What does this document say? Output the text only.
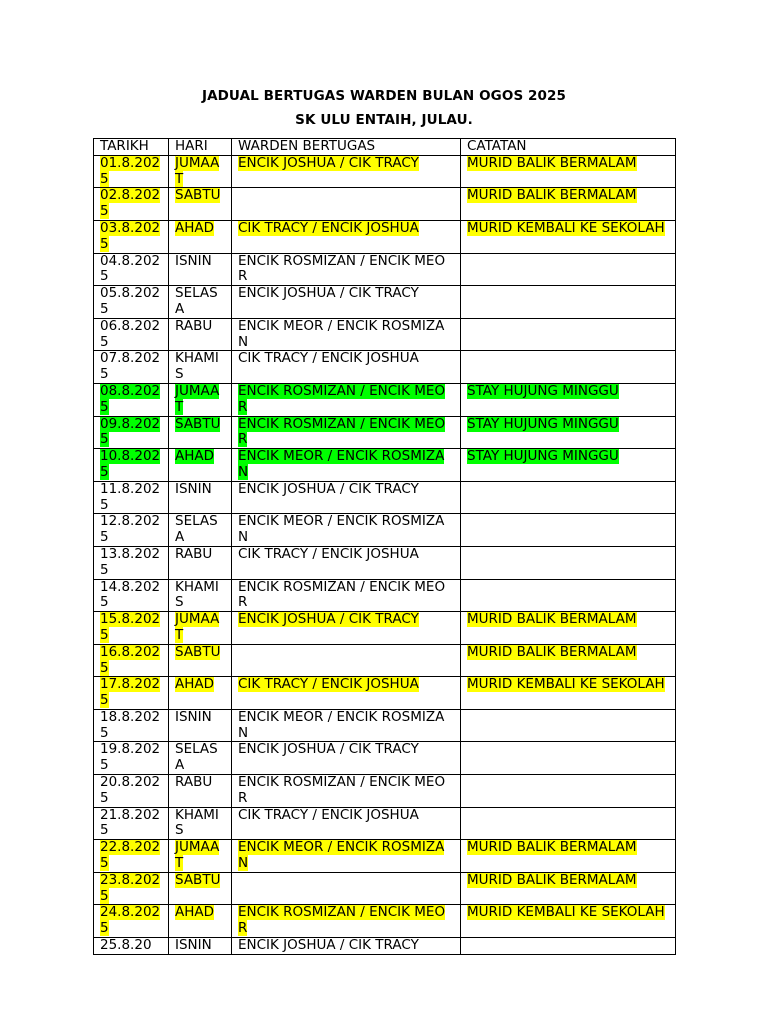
JADUAL BERTUGAS WARDEN BULAN OGOS 2025
SK ULU ENTAIH, JULAU.
TARIKH	HARI	WARDEN BERTUGAS	CATATAN
01.8.2025	JUMAAT	ENCIK JOSHUA / CIK TRACY	MURID BALIK BERMALAM
02.8.2025	SABTU		MURID BALIK BERMALAM
03.8.2025	AHAD	CIK TRACY / ENCIK JOSHUA	MURID KEMBALI KE SEKOLAH
04.8.2025	ISNIN	ENCIK ROSMIZAN / ENCIK MEOR	
05.8.2025	SELASA	ENCIK JOSHUA / CIK TRACY	
06.8.2025	RABU	ENCIK MEOR / ENCIK ROSMIZAN	
07.8.2025	KHAMIS	CIK TRACY / ENCIK JOSHUA	
08.8.2025	JUMAAT	ENCIK ROSMIZAN / ENCIK MEOR	STAY HUJUNG MINGGU
09.8.2025	SABTU	ENCIK ROSMIZAN / ENCIK MEOR	STAY HUJUNG MINGGU
10.8.2025	AHAD	ENCIK MEOR / ENCIK ROSMIZAN	STAY HUJUNG MINGGU
11.8.2025	ISNIN	ENCIK JOSHUA / CIK TRACY	
12.8.2025	SELASA	ENCIK MEOR / ENCIK ROSMIZAN	
13.8.2025	RABU	CIK TRACY / ENCIK JOSHUA	
14.8.2025	KHAMIS	ENCIK ROSMIZAN / ENCIK MEOR	
15.8.2025	JUMAAT	ENCIK JOSHUA / CIK TRACY	MURID BALIK BERMALAM
16.8.2025	SABTU		MURID BALIK BERMALAM
17.8.2025	AHAD	CIK TRACY / ENCIK JOSHUA	MURID KEMBALI KE SEKOLAH
18.8.2025	ISNIN	ENCIK MEOR / ENCIK ROSMIZAN	
19.8.2025	SELASA	ENCIK JOSHUA / CIK TRACY	
20.8.2025	RABU	ENCIK ROSMIZAN / ENCIK MEOR	
21.8.2025	KHAMIS	CIK TRACY / ENCIK JOSHUA	
22.8.2025	JUMAAT	ENCIK MEOR / ENCIK ROSMIZAN	MURID BALIK BERMALAM
23.8.2025	SABTU		MURID BALIK BERMALAM
24.8.2025	AHAD	ENCIK ROSMIZAN / ENCIK MEOR	MURID KEMBALI KE SEKOLAH
25.8.20	ISNIN	ENCIK JOSHUA / CIK TRACY	
